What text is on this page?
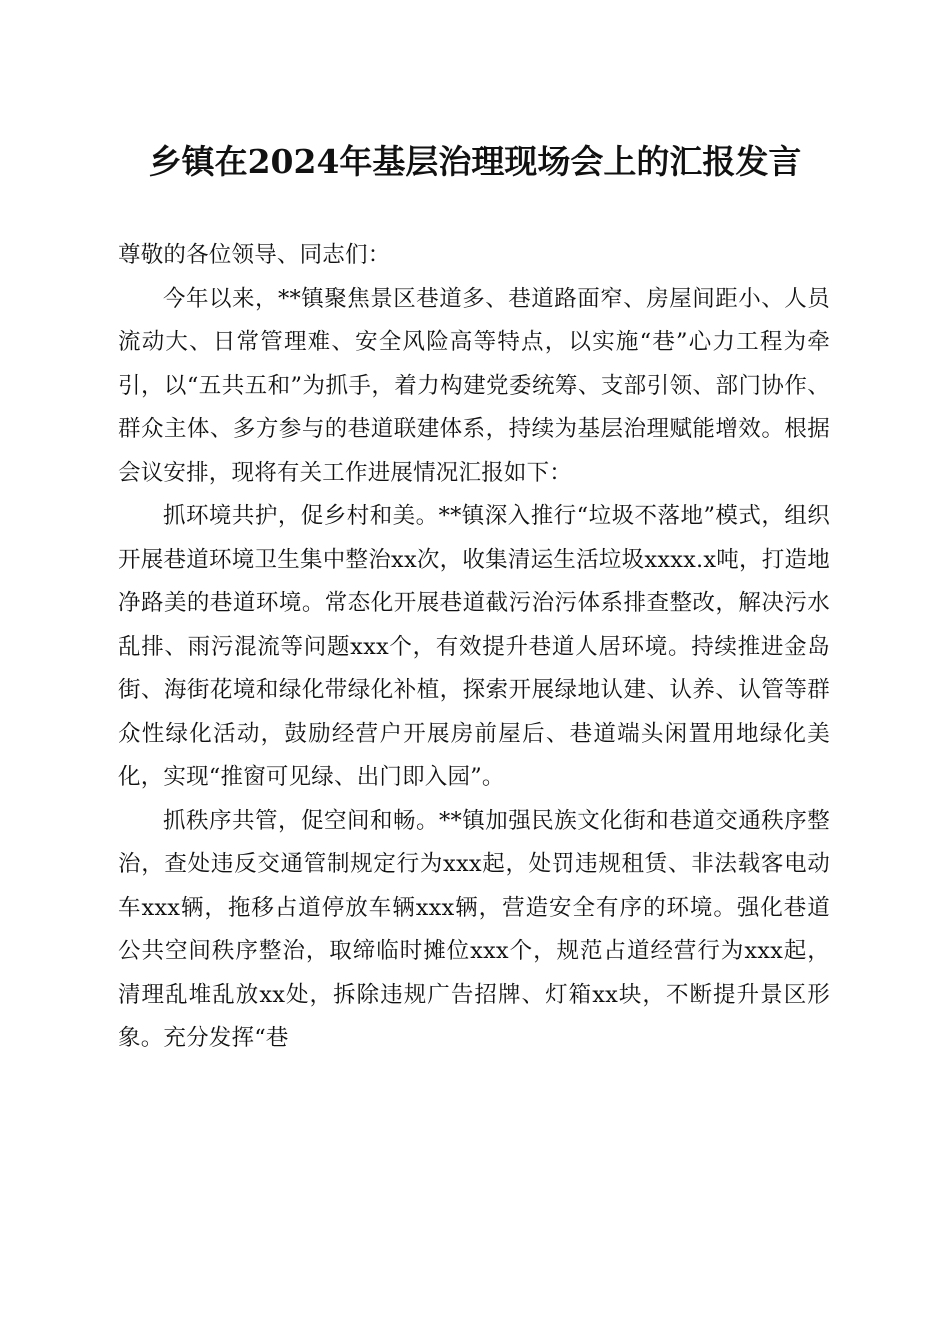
乡镇在2024年基层治理现场会上的汇报发言

尊敬的各位领导、同志们：

今年以来，**镇聚焦景区巷道多、巷道路面窄、房屋间距小、人员流动大、日常管理难、安全风险高等特点，以实施“巷”心力工程为牵引，以“五共五和”为抓手，着力构建党委统筹、支部引领、部门协作、群众主体、多方参与的巷道联建体系，持续为基层治理赋能增效。根据会议安排，现将有关工作进展情况汇报如下：

抓环境共护，促乡村和美。**镇深入推行“垃圾不落地”模式，组织开展巷道环境卫生集中整治xx次，收集清运生活垃圾xxxx.x吨，打造地净路美的巷道环境。常态化开展巷道截污治污体系排查整改，解决污水乱排、雨污混流等问题xxx个，有效提升巷道人居环境。持续推进金岛街、海街花境和绿化带绿化补植，探索开展绿地认建、认养、认管等群众性绿化活动，鼓励经营户开展房前屋后、巷道端头闲置用地绿化美化，实现“推窗可见绿、出门即入园”。

抓秩序共管，促空间和畅。**镇加强民族文化街和巷道交通秩序整治，查处违反交通管制规定行为xxx起，处罚违规租赁、非法载客电动车xxx辆，拖移占道停放车辆xxx辆，营造安全有序的环境。强化巷道公共空间秩序整治，取缔临时摊位xxx个，规范占道经营行为xxx起，清理乱堆乱放xx处，拆除违规广告招牌、灯箱xx块，不断提升景区形象。充分发挥“巷
